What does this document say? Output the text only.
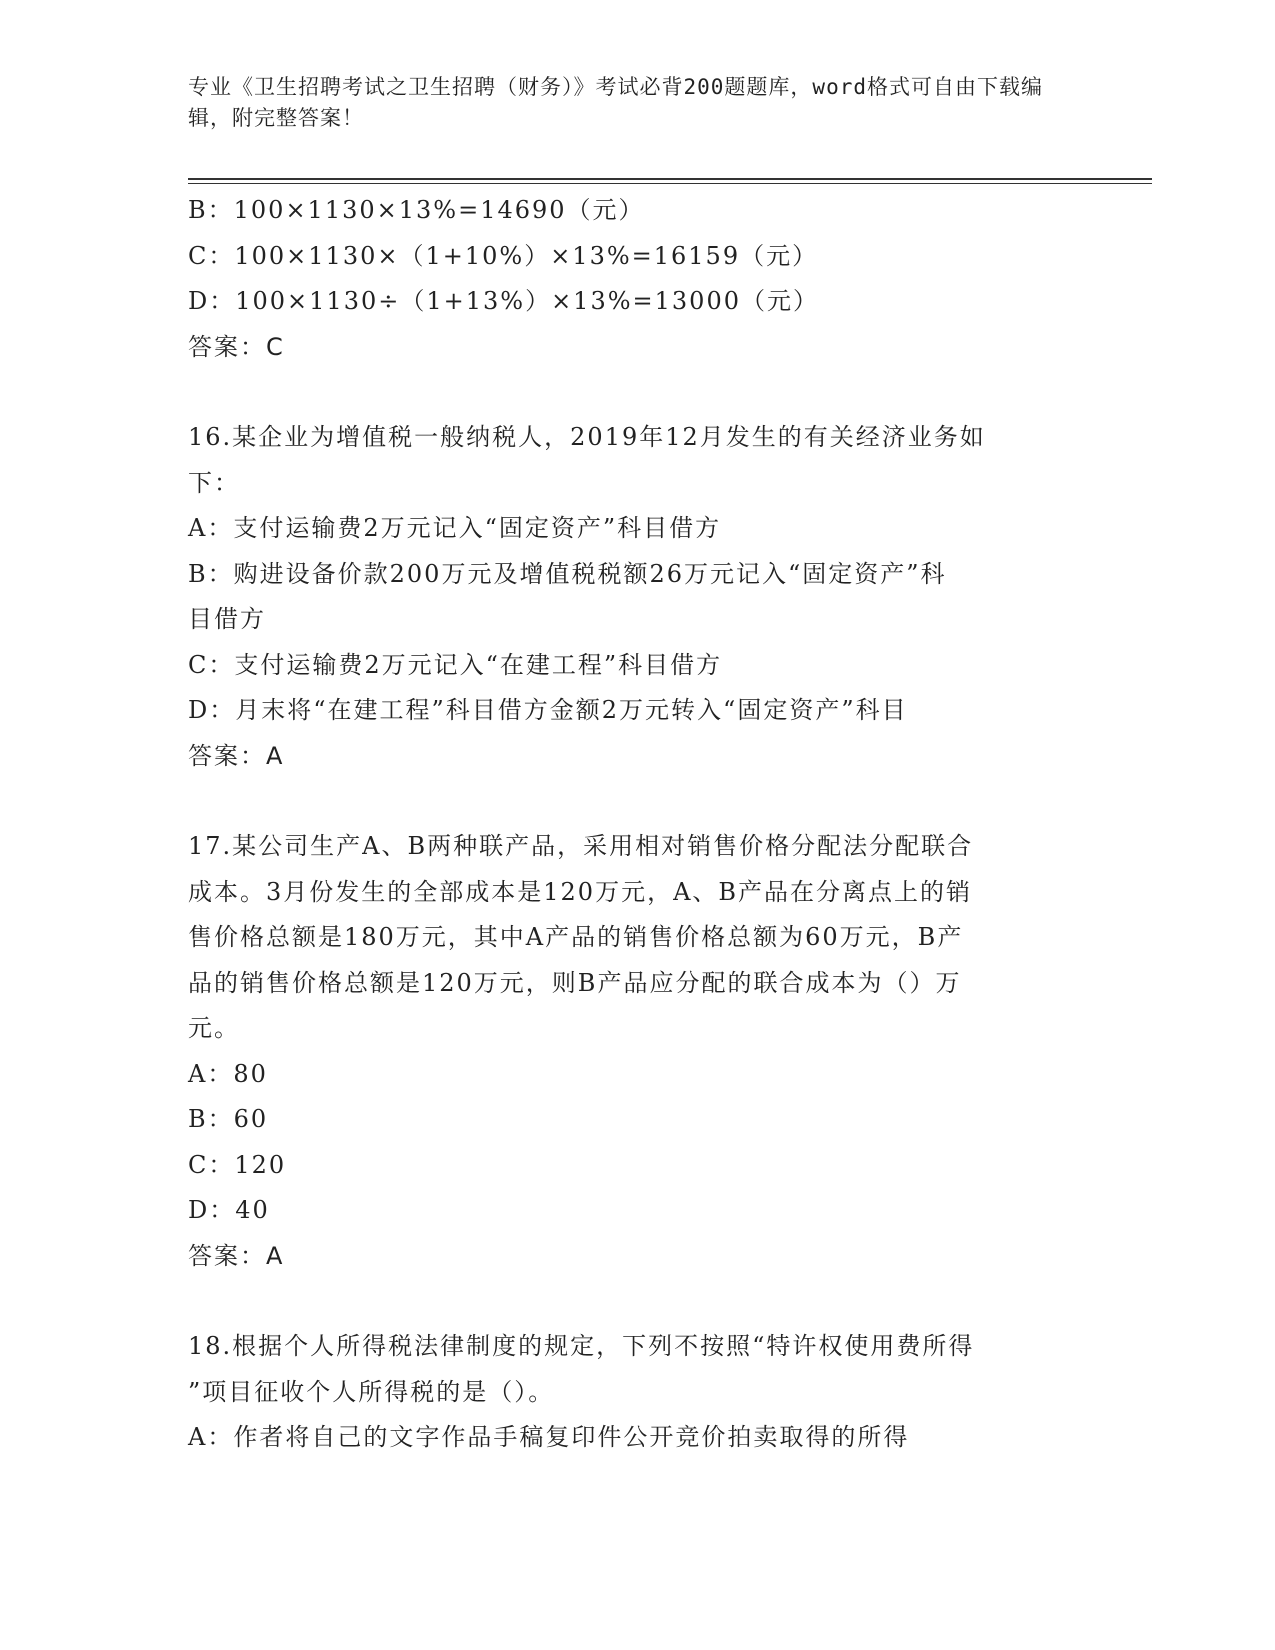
专业《卫生招聘考试之卫生招聘（财务）》考试必背200题题库，word格式可自由下载编辑，附完整答案！

B：100×1130×13%=14690（元）

C：100×1130×（1+10%）×13%=16159（元）

D：100×1130÷（1+13%）×13%=13000（元）

答案：C

16.某企业为增值税一般纳税人，2019年12月发生的有关经济业务如

下：

A：支付运输费2万元记入“固定资产”科目借方

B：购进设备价款200万元及增值税税额26万元记入“固定资产”科

目借方

C：支付运输费2万元记入“在建工程”科目借方

D：月末将“在建工程”科目借方金额2万元转入“固定资产”科目

答案：A

17.某公司生产A、B两种联产品，采用相对销售价格分配法分配联合

成本。3月份发生的全部成本是120万元，A、B产品在分离点上的销

售价格总额是180万元，其中A产品的销售价格总额为60万元，B产

品的销售价格总额是120万元，则B产品应分配的联合成本为（）万

元。

A：80

B：60

C：120

D：40

答案：A

18.根据个人所得税法律制度的规定，下列不按照“特许权使用费所得

”项目征收个人所得税的是（）。

A：作者将自己的文字作品手稿复印件公开竞价拍卖取得的所得
